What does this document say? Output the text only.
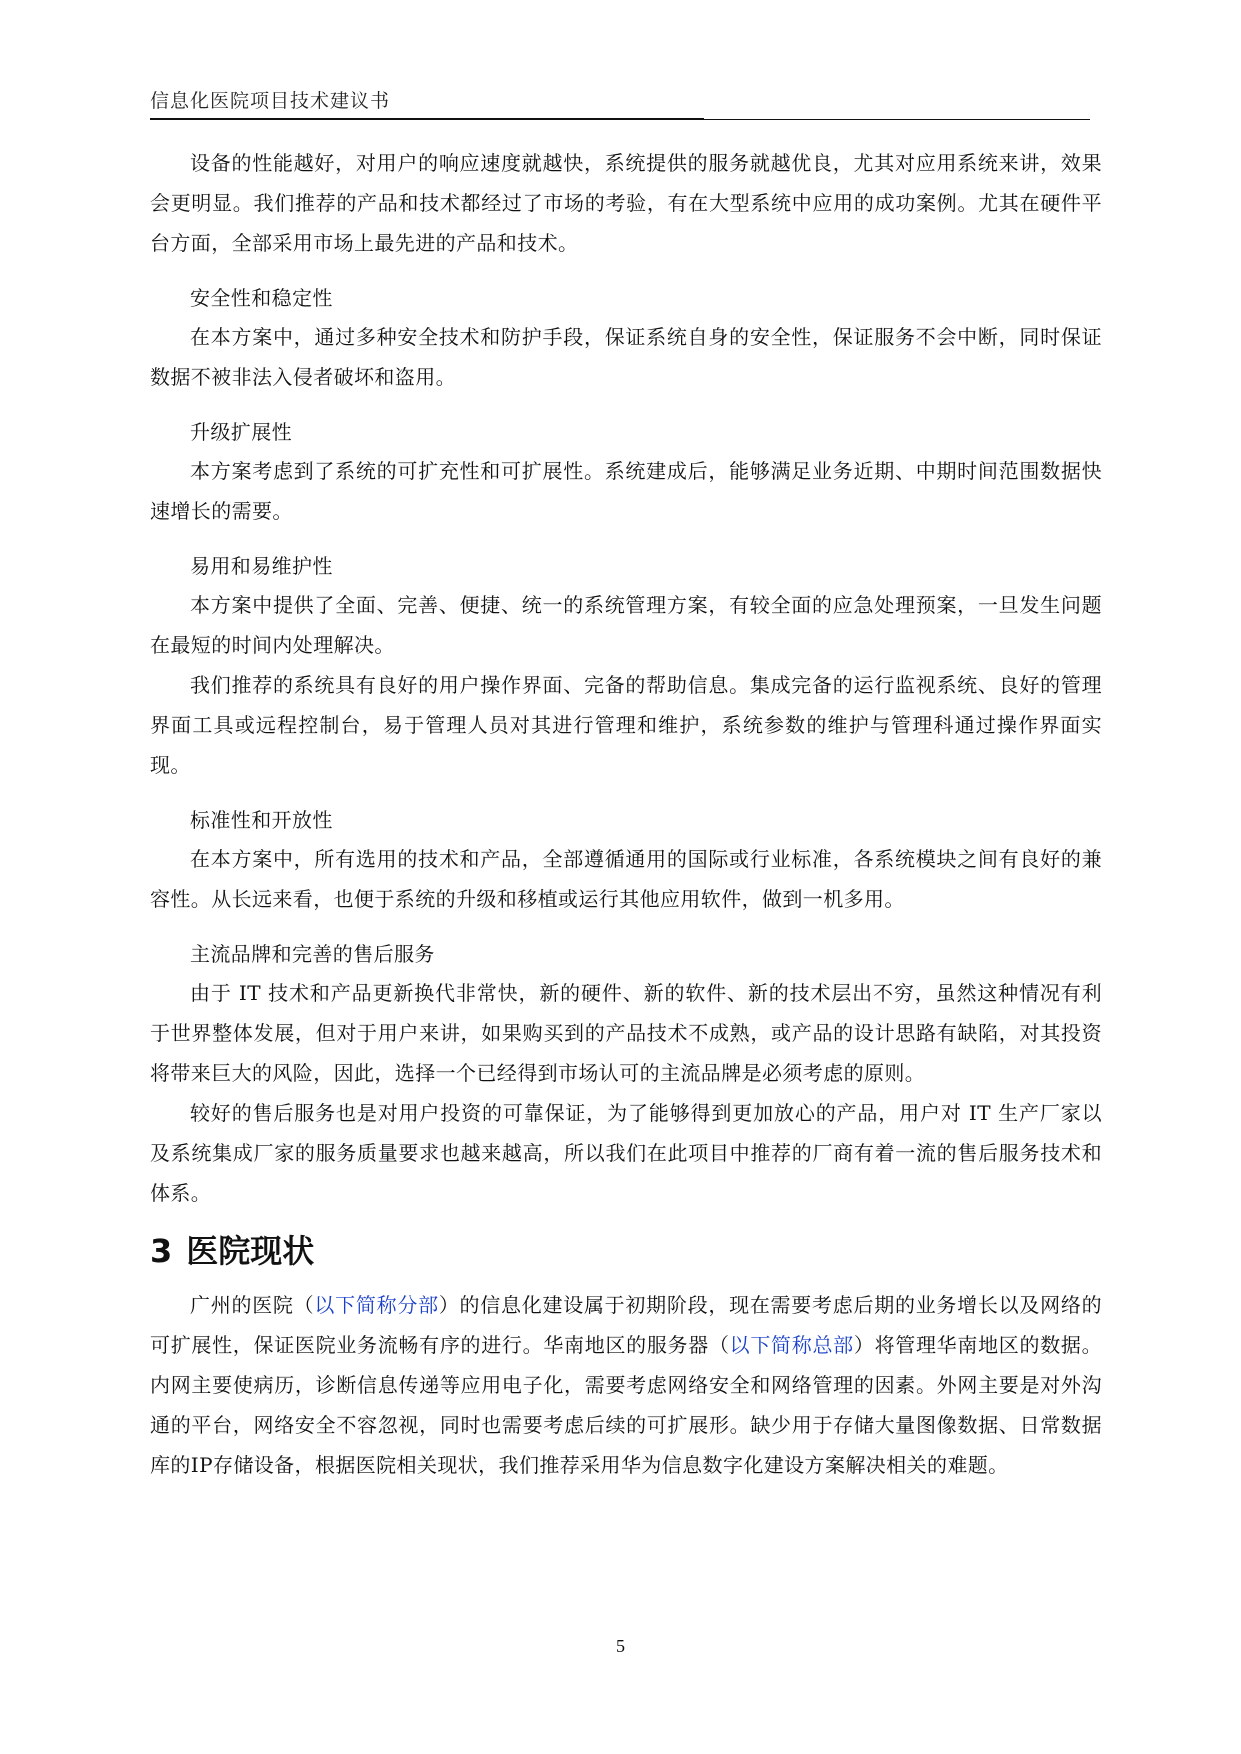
信息化医院项目技术建议书

设备的性能越好，对用户的响应速度就越快，系统提供的服务就越优良，尤其对应用系统来讲，效果会更明显。我们推荐的产品和技术都经过了市场的考验，有在大型系统中应用的成功案例。尤其在硬件平台方面，全部采用市场上最先进的产品和技术。

安全性和稳定性

在本方案中，通过多种安全技术和防护手段，保证系统自身的安全性，保证服务不会中断，同时保证数据不被非法入侵者破坏和盗用。

升级扩展性

本方案考虑到了系统的可扩充性和可扩展性。系统建成后，能够满足业务近期、中期时间范围数据快速增长的需要。

易用和易维护性

本方案中提供了全面、完善、便捷、统一的系统管理方案，有较全面的应急处理预案，一旦发生问题在最短的时间内处理解决。

我们推荐的系统具有良好的用户操作界面、完备的帮助信息。集成完备的运行监视系统、良好的管理界面工具或远程控制台，易于管理人员对其进行管理和维护，系统参数的维护与管理科通过操作界面实现。

标准性和开放性

在本方案中，所有选用的技术和产品，全部遵循通用的国际或行业标准，各系统模块之间有良好的兼容性。从长远来看，也便于系统的升级和移植或运行其他应用软件，做到一机多用。

主流品牌和完善的售后服务

由于 IT 技术和产品更新换代非常快，新的硬件、新的软件、新的技术层出不穷，虽然这种情况有利于世界整体发展，但对于用户来讲，如果购买到的产品技术不成熟，或产品的设计思路有缺陷，对其投资将带来巨大的风险，因此，选择一个已经得到市场认可的主流品牌是必须考虑的原则。

较好的售后服务也是对用户投资的可靠保证，为了能够得到更加放心的产品，用户对 IT 生产厂家以及系统集成厂家的服务质量要求也越来越高，所以我们在此项目中推荐的厂商有着一流的售后服务技术和体系。

3 医院现状

广州的医院（以下简称分部）的信息化建设属于初期阶段，现在需要考虑后期的业务增长以及网络的可扩展性，保证医院业务流畅有序的进行。华南地区的服务器（以下简称总部）将管理华南地区的数据。内网主要使病历，诊断信息传递等应用电子化，需要考虑网络安全和网络管理的因素。外网主要是对外沟通的平台，网络安全不容忽视，同时也需要考虑后续的可扩展形。缺少用于存储大量图像数据、日常数据库的IP存储设备，根据医院相关现状，我们推荐采用华为信息数字化建设方案解决相关的难题。

5
